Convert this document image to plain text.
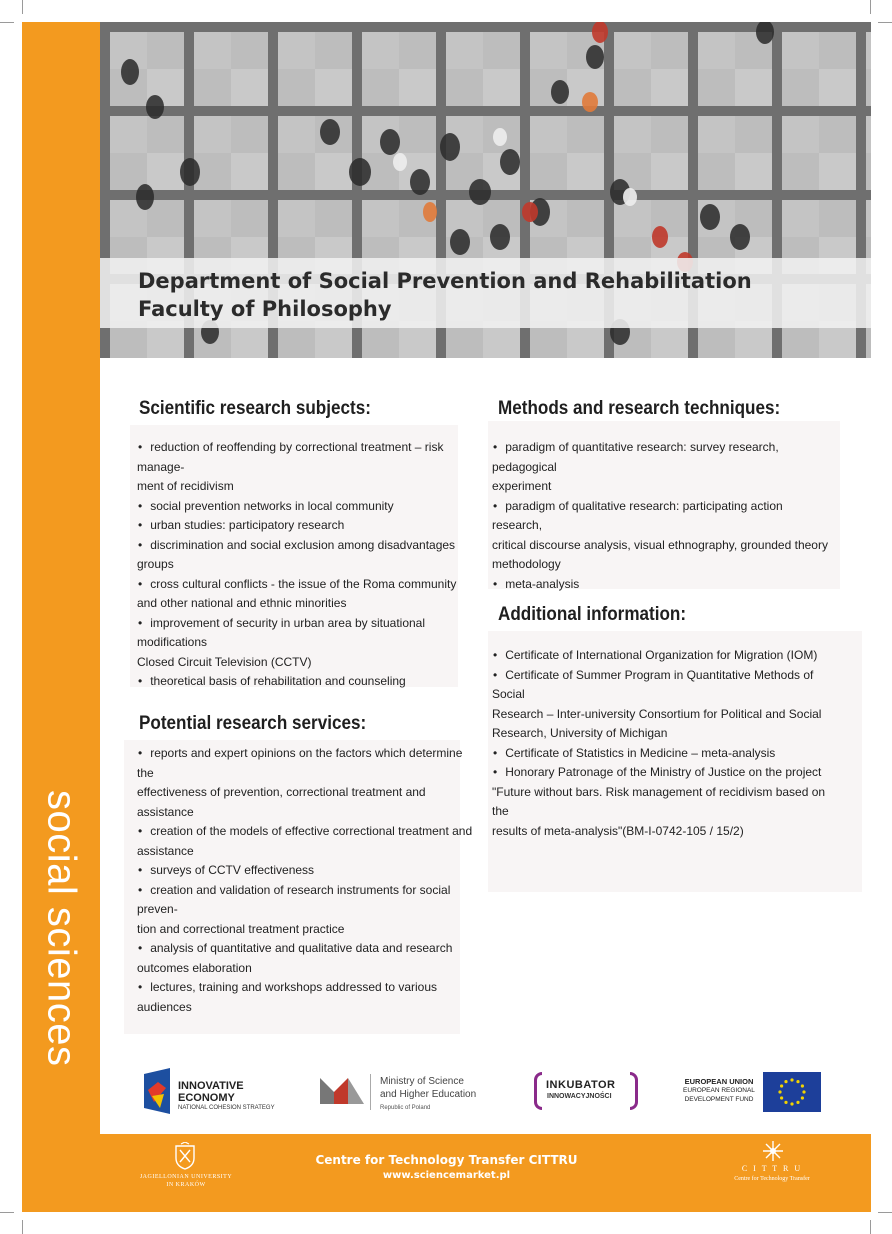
social sciences
Department of Social Prevention and Rehabilitation
Faculty of Philosophy
Scientific research subjects:
• reduction of reoffending by correctional treatment – risk manage-
ment of recidivism
• social prevention networks in local community
• urban studies: participatory research
• discrimination and social exclusion among disadvantages groups
• cross cultural conflicts - the issue of the Roma community
and other national and ethnic minorities
• improvement of security in urban area by situational modifications
Closed Circuit Television (CCTV)
• theoretical basis of rehabilitation and counseling
Methods and research techniques:
• paradigm of quantitative research: survey research, pedagogical
experiment
• paradigm of qualitative research: participating action research,
critical discourse analysis, visual ethnography, grounded theory
methodology
• meta-analysis
Additional information:
• Certificate of International Organization for Migration (IOM)
• Certificate of Summer Program in Quantitative Methods of Social
Research – Inter-university Consortium for Political and Social
Research, University of Michigan
• Certificate of Statistics in Medicine – meta-analysis
• Honorary Patronage of the Ministry of Justice on the project
"Future without bars. Risk management of recidivism based on the
results of meta-analysis"(BM-I-0742-105 / 15/2)
Potential research services:
• reports and expert opinions on the factors which determine the
effectiveness of prevention, correctional treatment and assistance
• creation of the models of effective correctional treatment and
assistance
• surveys of CCTV effectiveness
• creation and validation of research instruments for social preven-
tion and correctional treatment practice
• analysis of quantitative and qualitative data and research
outcomes elaboration
• lectures, training and workshops addressed to various audiences
INNOVATIVE
ECONOMY
NATIONAL COHESION STRATEGY
Ministry of Science
and Higher Education
Republic of Poland
INKUBATOR
INNOWACYJNOŚCI
EUROPEAN UNION
EUROPEAN REGIONAL
DEVELOPMENT FUND
JAGIELLONIAN UNIVERSITY
IN KRAKÓW
Centre for Technology Transfer CITTRU
www.sciencemarket.pl
C I T T R U
Centre for Technology Transfer
